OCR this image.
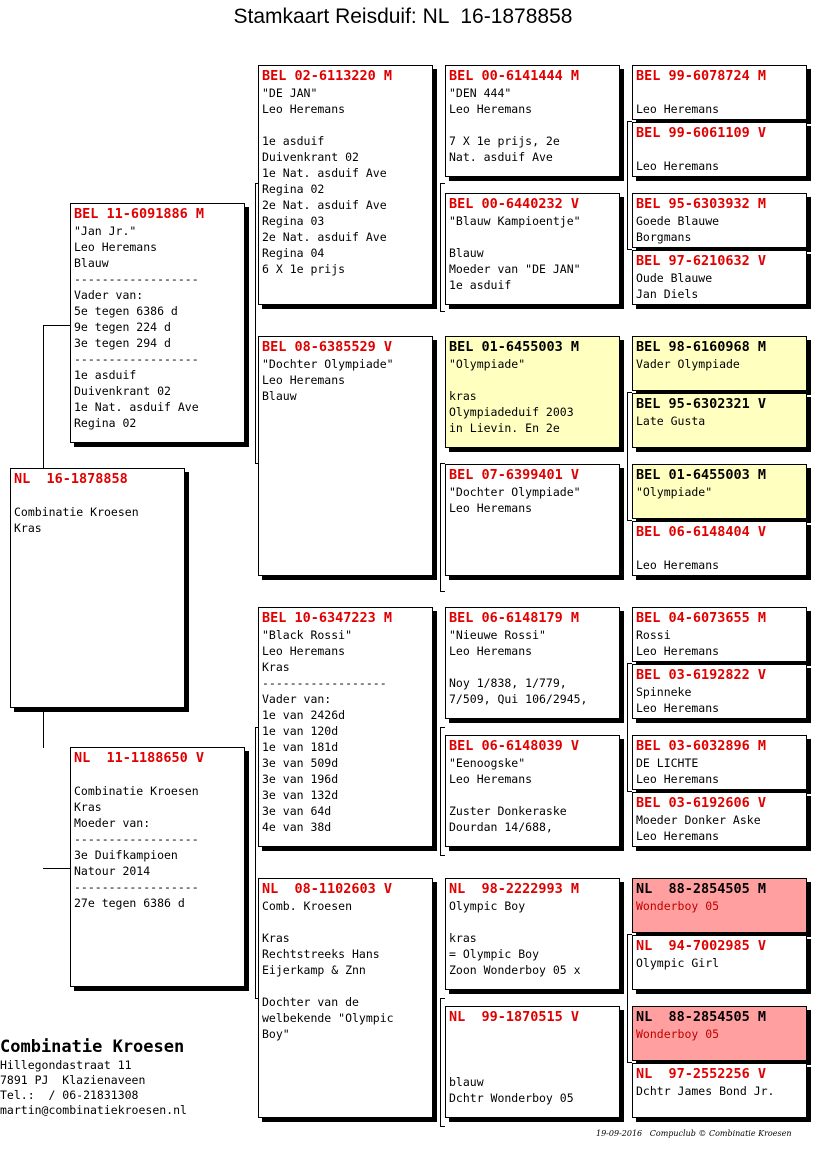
Stamkaart Reisduif: NL  16-1878858
NL  16-1878858
Combinatie Kroesen
Kras
BEL 11-6091886 M
"Jan Jr."
Leo Heremans
Blauw
------------------
Vader van:
5e tegen 6386 d
9e tegen 224 d
3e tegen 294 d
------------------
1e asduif
Duivenkrant 02
1e Nat. asduif Ave
Regina 02
NL  11-1188650 V
Combinatie Kroesen
Kras
Moeder van:
------------------
3e Duifkampioen
Natour 2014
------------------
27e tegen 6386 d
BEL 02-6113220 M
"DE JAN"
Leo Heremans
1e asduif
Duivenkrant 02
1e Nat. asduif Ave
Regina 02
2e Nat. asduif Ave
Regina 03
2e Nat. asduif Ave
Regina 04
6 X 1e prijs
BEL 08-6385529 V
"Dochter Olympiade"
Leo Heremans
Blauw
BEL 10-6347223 M
"Black Rossi"
Leo Heremans
Kras
------------------
Vader van:
1e van 2426d
1e van 120d
1e van 181d
3e van 509d
3e van 196d
3e van 132d
3e van 64d
4e van 38d
NL  08-1102603 V
Comb. Kroesen
Kras
Rechtstreeks Hans
Eijerkamp & Znn
Dochter van de
welbekende "Olympic
Boy"
BEL 00-6141444 M
"DEN 444"
Leo Heremans
7 X 1e prijs, 2e
Nat. asduif Ave
BEL 00-6440232 V
"Blauw Kampioentje"
Blauw
Moeder van "DE JAN"
1e asduif
BEL 01-6455003 M
"Olympiade"
kras
Olympiadeduif 2003
in Lievin. En 2e
BEL 07-6399401 V
"Dochter Olympiade"
Leo Heremans
BEL 06-6148179 M
"Nieuwe Rossi"
Leo Heremans
Noy 1/838, 1/779,
7/509, Qui 106/2945,
BEL 06-6148039 V
"Eenoogske"
Leo Heremans
Zuster Donkeraske
Dourdan 14/688,
NL  98-2222993 M
Olympic Boy
kras
= Olympic Boy
Zoon Wonderboy 05 x
NL  99-1870515 V
blauw
Dchtr Wonderboy 05
BEL 99-6078724 M
Leo Heremans
BEL 99-6061109 V
Leo Heremans
BEL 95-6303932 M
Goede Blauwe
Borgmans
BEL 97-6210632 V
Oude Blauwe
Jan Diels
BEL 98-6160968 M
Vader Olympiade
BEL 95-6302321 V
Late Gusta
BEL 01-6455003 M
"Olympiade"
BEL 06-6148404 V
Leo Heremans
BEL 04-6073655 M
Rossi
Leo Heremans
BEL 03-6192822 V
Spinneke
Leo Heremans
BEL 03-6032896 M
DE LICHTE
Leo Heremans
BEL 03-6192606 V
Moeder Donker Aske
Leo Heremans
NL  88-2854505 M
Wonderboy 05
NL  94-7002985 V
Olympic Girl
NL  88-2854505 M
Wonderboy 05
NL  97-2552256 V
Dchtr James Bond Jr.
Combinatie Kroesen
Hillegondastraat 11
7891 PJ  Klazienaveen
Tel.:  / 06-21831308
martin@combinatiekroesen.nl
19-09-2016   Compuclub © Combinatie Kroesen
